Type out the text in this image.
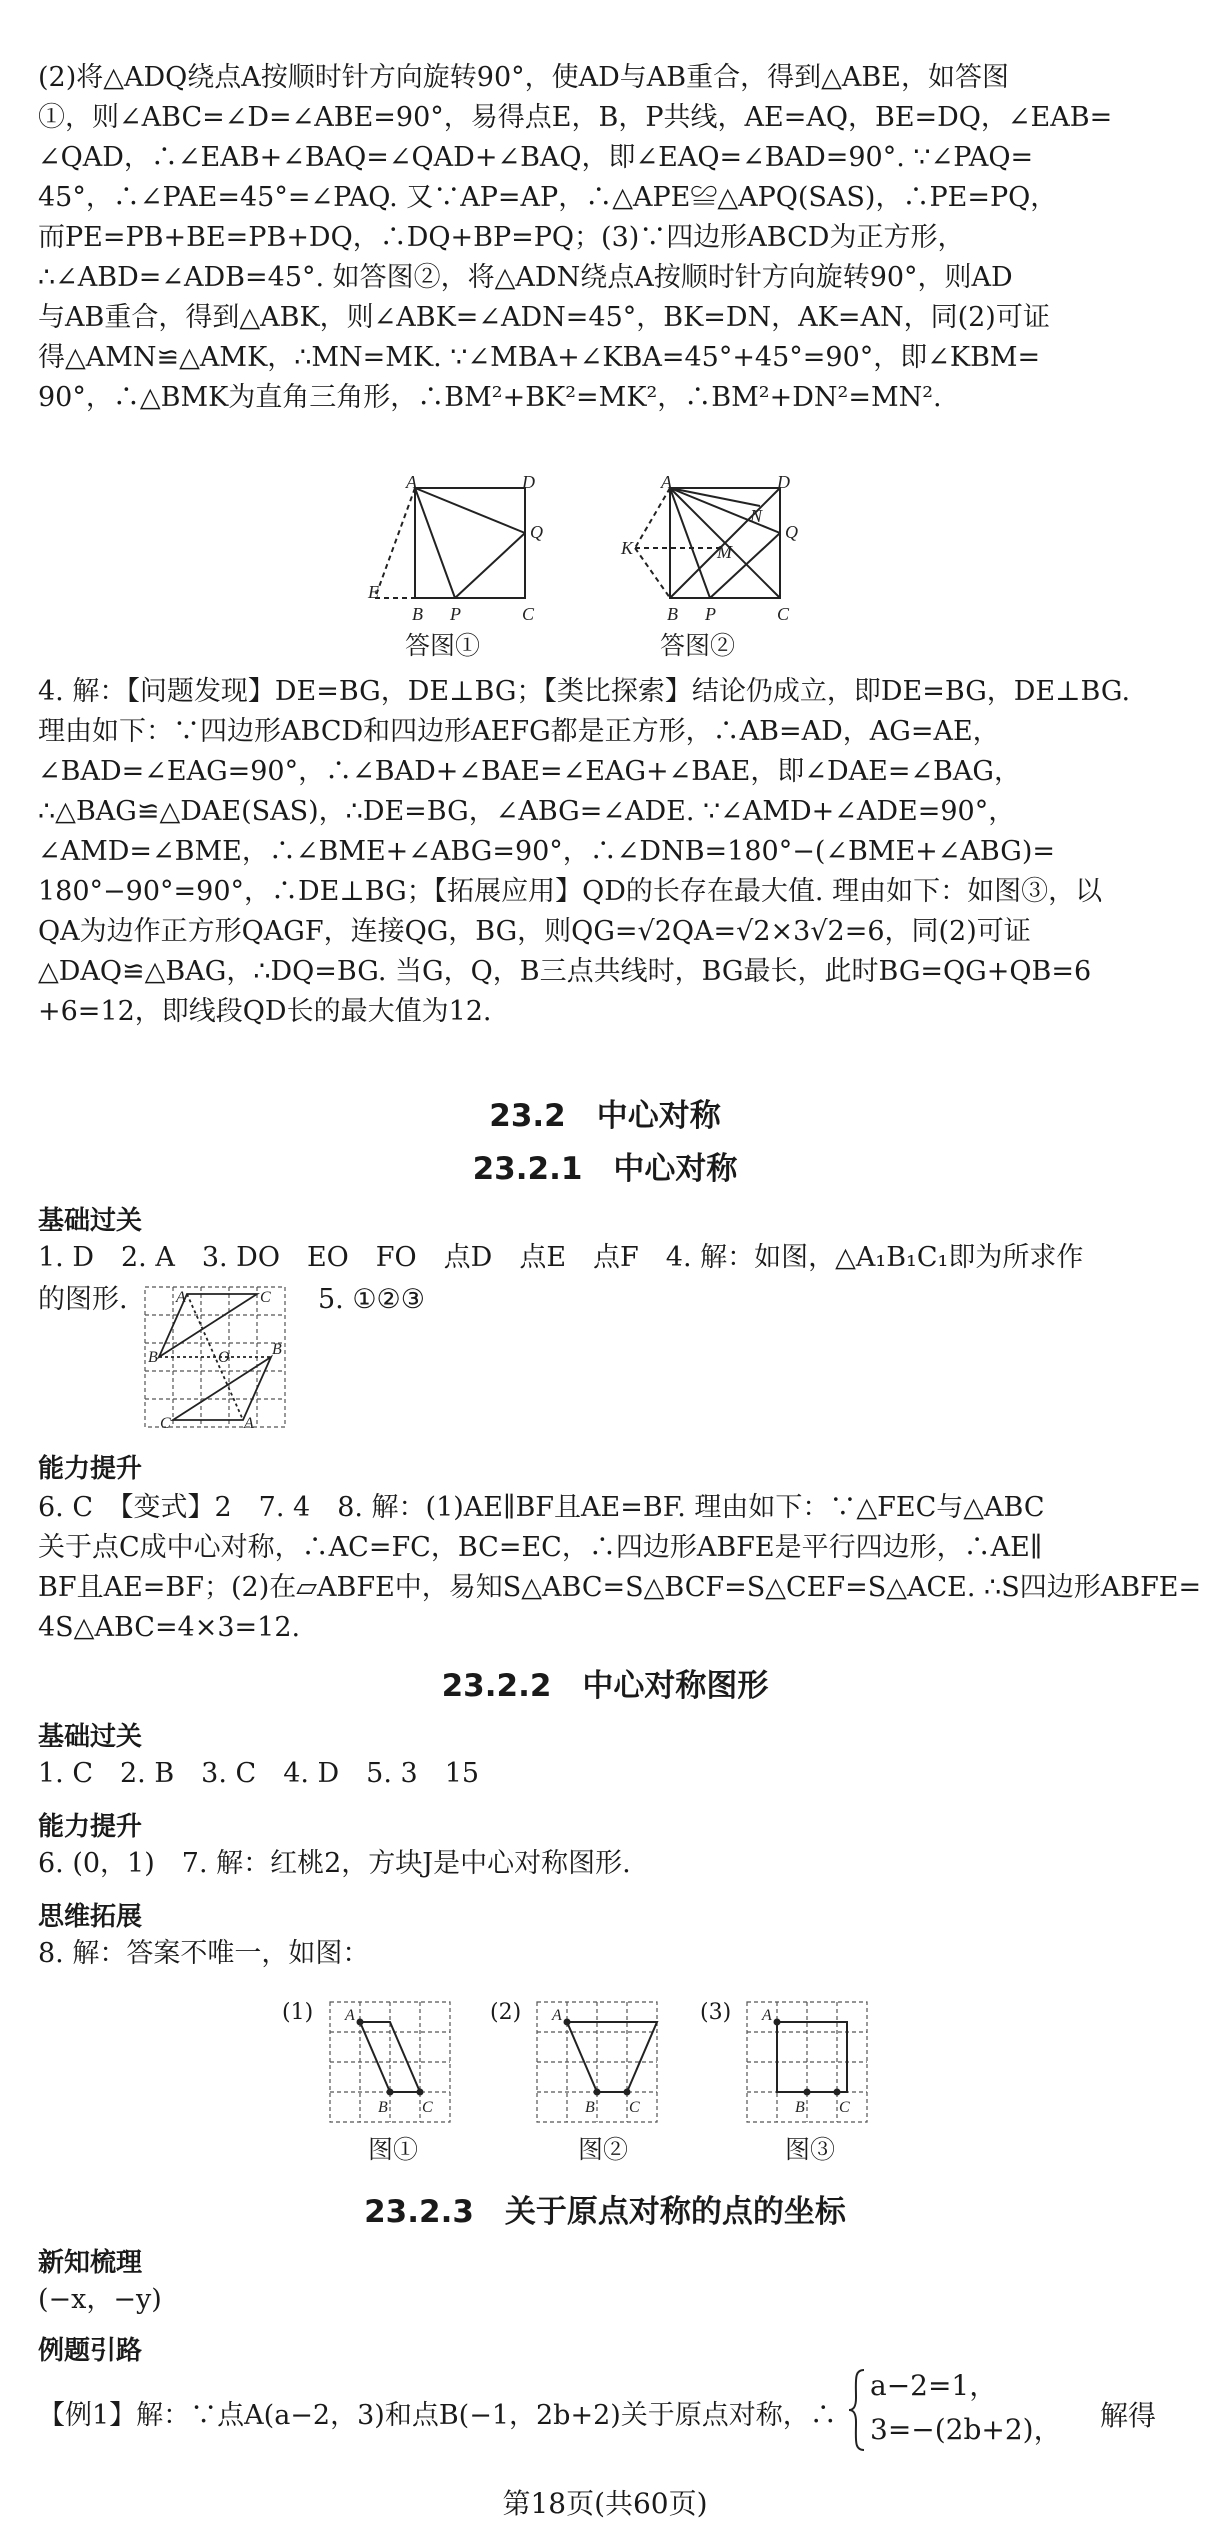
(2)将△ADQ绕点A按顺时针方向旋转90°，使AD与AB重合，得到△ABE，如答图
①，则∠ABC=∠D=∠ABE=90°，易得点E，B，P共线，AE=AQ，BE=DQ，∠EAB=
∠QAD，∴∠EAB+∠BAQ=∠QAD+∠BAQ，即∠EAQ=∠BAD=90°. ∵∠PAQ=
45°，∴∠PAE=45°=∠PAQ. 又∵AP=AP，∴△APE≌△APQ(SAS)，∴PE=PQ，
而PE=PB+BE=PB+DQ，∴DQ+BP=PQ；(3)∵四边形ABCD为正方形，
∴∠ABD=∠ADB=45°. 如答图②，将△ADN绕点A按顺时针方向旋转90°，则AD
与AB重合，得到△ABK，则∠ABK=∠ADN=45°，BK=DN，AK=AN，同(2)可证
得△AMN≌△AMK，∴MN=MK. ∵∠MBA+∠KBA=45°+45°=90°，即∠KBM=
90°，∴△BMK为直角三角形，∴BM²+BK²=MK²，∴BM²+DN²=MN².
A	D
Q
E
B P	C
答图①
A	D
N
Q
K	M
B P	C
答图②
4. 解：【问题发现】DE=BG，DE⊥BG；【类比探索】结论仍成立，即DE=BG，DE⊥BG.
理由如下：∵四边形ABCD和四边形AEFG都是正方形，∴AB=AD，AG=AE，
∠BAD=∠EAG=90°，∴∠BAD+∠BAE=∠EAG+∠BAE，即∠DAE=∠BAG，
∴△BAG≌△DAE(SAS)，∴DE=BG，∠ABG=∠ADE. ∵∠AMD+∠ADE=90°，
∠AMD=∠BME，∴∠BME+∠ABG=90°，∴∠DNB=180°−(∠BME+∠ABG)=
180°−90°=90°，∴DE⊥BG；【拓展应用】QD的长存在最大值. 理由如下：如图③，以
QA为边作正方形QAGF，连接QG，BG，则QG=√2QA=√2×3√2=6，同(2)可证
△DAQ≌△BAG，∴DQ=BG. 当G，Q，B三点共线时，BG最长，此时BG=QG+QB=6
+6=12，即线段QD长的最大值为12.
23.2　中心对称
23.2.1　中心对称
基础过关
1. D　2. A　3. DO　EO　FO　点D　点E　点F　4. 解：如图，△A₁B₁C₁即为所求作
的图形.	5. ①②③
A	C
B	O	B
C	A
能力提升
6. C　【变式】2　7. 4　8. 解：(1)AE∥BF且AE=BF. 理由如下：∵△FEC与△ABC
关于点C成中心对称，∴AC=FC，BC=EC，∴四边形ABFE是平行四边形，∴AE∥
BF且AE=BF；(2)在▱ABFE中，易知S△ABC=S△BCF=S△CEF=S△ACE. ∴S四边形ABFE=
4S△ABC=4×3=12.
23.2.2　中心对称图形
基础过关
1. C　2. B　3. C　4. D　5. 3　15
能力提升
6. (0，1)　7. 解：红桃2，方块J是中心对称图形.
思维拓展
8. 解：答案不唯一，如图：
(1) A
B C
图①
(2) A
B C
图②
(3) A
B C
图③
23.2.3　关于原点对称的点的坐标
新知梳理
(−x，−y)
例题引路
【例1】解：∵点A(a−2，3)和点B(−1，2b+2)关于原点对称，∴
a−2=1，
3=−(2b+2)， 解得
第18页(共60页)
